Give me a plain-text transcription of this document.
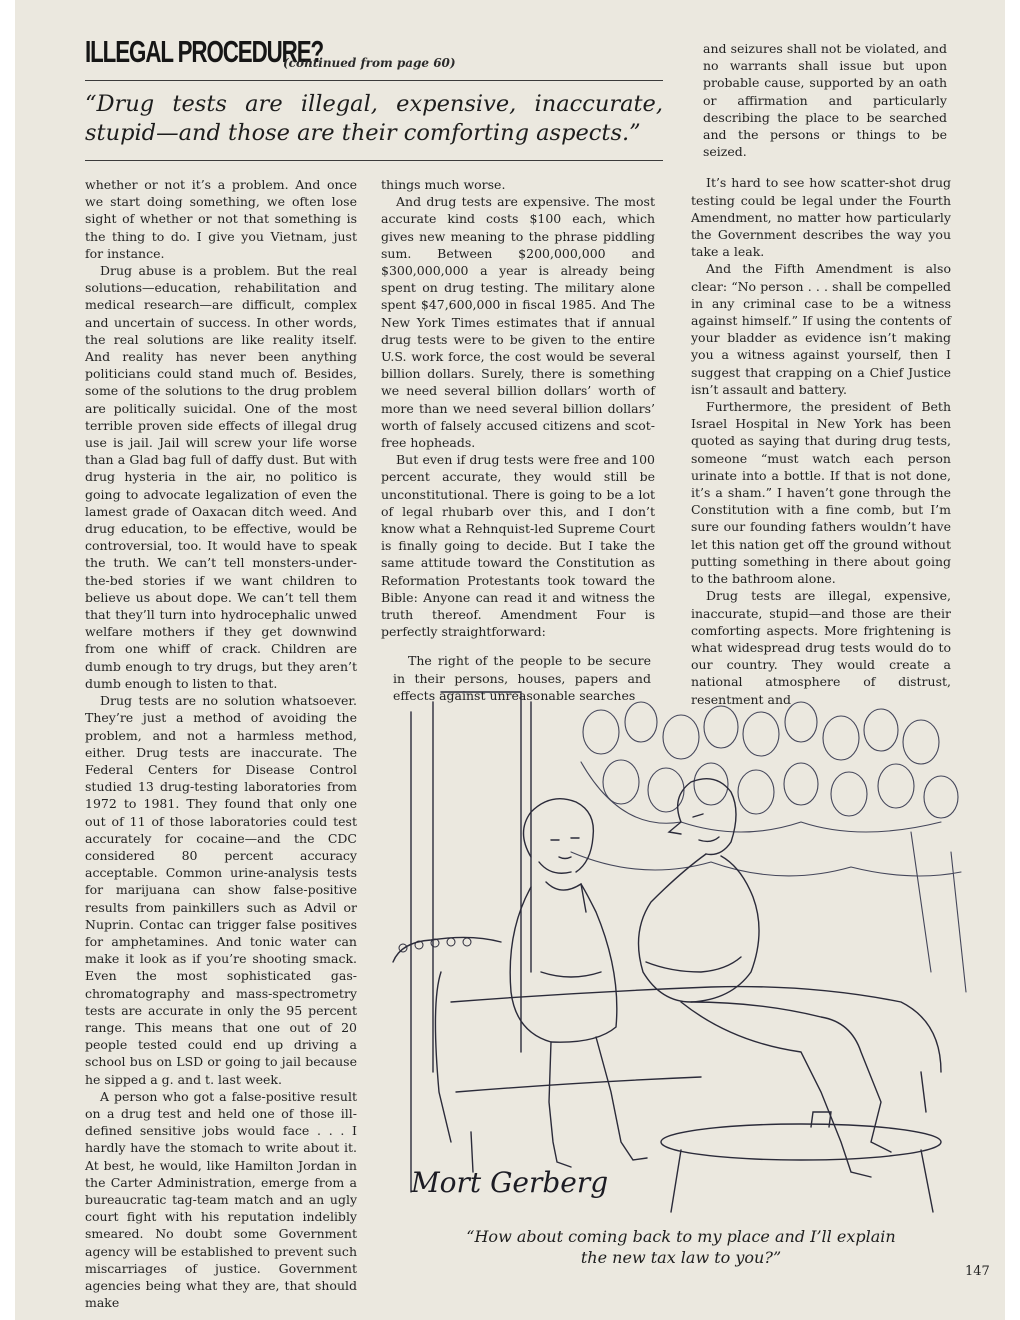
ILLEGAL PROCEDURE?
(continued from page 60)
“Drug tests are illegal, expensive, inaccurate, stupid—and those are their comforting aspects.”

whether or not it’s a problem. And once we start doing something, we often lose sight of whether or not that something is the thing to do. I give you Vietnam, just for instance.

Drug abuse is a problem. But the real solutions—education, rehabilitation and medical research—are difficult, complex and uncertain of success. In other words, the real solutions are like reality itself. And reality has never been anything politicians could stand much of. Besides, some of the solutions to the drug problem are politically suicidal. One of the most terrible proven side effects of illegal drug use is jail. Jail will screw your life worse than a Glad bag full of daffy dust. But with drug hysteria in the air, no politico is going to advocate legalization of even the lamest grade of Oaxacan ditch weed. And drug education, to be effective, would be controversial, too. It would have to speak the truth. We can’t tell monsters-under-the-bed stories if we want children to believe us about dope. We can’t tell them that they’ll turn into hydrocephalic unwed welfare mothers if they get downwind from one whiff of crack. Children are dumb enough to try drugs, but they aren’t dumb enough to listen to that.

Drug tests are no solution whatsoever. They’re just a method of avoiding the problem, and not a harmless method, either. Drug tests are inaccurate. The Federal Centers for Disease Control studied 13 drug-testing laboratories from 1972 to 1981. They found that only one out of 11 of those laboratories could test accurately for cocaine—and the CDC considered 80 percent accuracy acceptable. Common urine-analysis tests for marijuana can show false-positive results from painkillers such as Advil or Nuprin. Contac can trigger false positives for amphetamines. And tonic water can make it look as if you’re shooting smack. Even the most sophisticated gas-chromatography and mass-spectrometry tests are accurate in only the 95 percent range. This means that one out of 20 people tested could end up driving a school bus on LSD or going to jail because he sipped a g. and t. last week.

A person who got a false-positive result on a drug test and held one of those ill-defined sensitive jobs would face . . . I hardly have the stomach to write about it. At best, he would, like Hamilton Jordan in the Carter Administration, emerge from a bureaucratic tag-team match and an ugly court fight with his reputation indelibly smeared. No doubt some Government agency will be established to prevent such miscarriages of justice. Government agencies being what they are, that should make

things much worse.

And drug tests are expensive. The most accurate kind costs $100 each, which gives new meaning to the phrase piddling sum. Between $200,000,000 and $300,000,000 a year is already being spent on drug testing. The military alone spent $47,600,000 in fiscal 1985. And The New York Times estimates that if annual drug tests were to be given to the entire U.S. work force, the cost would be several billion dollars. Surely, there is something we need several billion dollars’ worth of more than we need several billion dollars’ worth of falsely accused citizens and scot-free hopheads.

But even if drug tests were free and 100 percent accurate, they would still be unconstitutional. There is going to be a lot of legal rhubarb over this, and I don’t know what a Rehnquist-led Supreme Court is finally going to decide. But I take the same attitude toward the Constitution as Reformation Protestants took toward the Bible: Anyone can read it and witness the truth thereof. Amendment Four is perfectly straightforward:

The right of the people to be secure in their persons, houses, papers and effects against unreasonable searches

and seizures shall not be violated, and no warrants shall issue but upon probable cause, supported by an oath or affirmation and particularly describing the place to be searched and the persons or things to be seized.

It’s hard to see how scatter-shot drug testing could be legal under the Fourth Amendment, no matter how particularly the Government describes the way you take a leak.

And the Fifth Amendment is also clear: “No person . . . shall be compelled in any criminal case to be a witness against himself.” If using the contents of your bladder as evidence isn’t making you a witness against yourself, then I suggest that crapping on a Chief Justice isn’t assault and battery.

Furthermore, the president of Beth Israel Hospital in New York has been quoted as saying that during drug tests, someone “must watch each person urinate into a bottle. If that is not done, it’s a sham.” I haven’t gone through the Constitution with a fine comb, but I’m sure our founding fathers wouldn’t have let this nation get off the ground without putting something in there about going to the bathroom alone.

Drug tests are illegal, expensive, inaccurate, stupid—and those are their comforting aspects. More frightening is what widespread drug tests would do to our country. They would create a national atmosphere of distrust, resentment and

Mort Gerberg
“How about coming back to my place and I’ll explain
the new tax law to you?”
147
